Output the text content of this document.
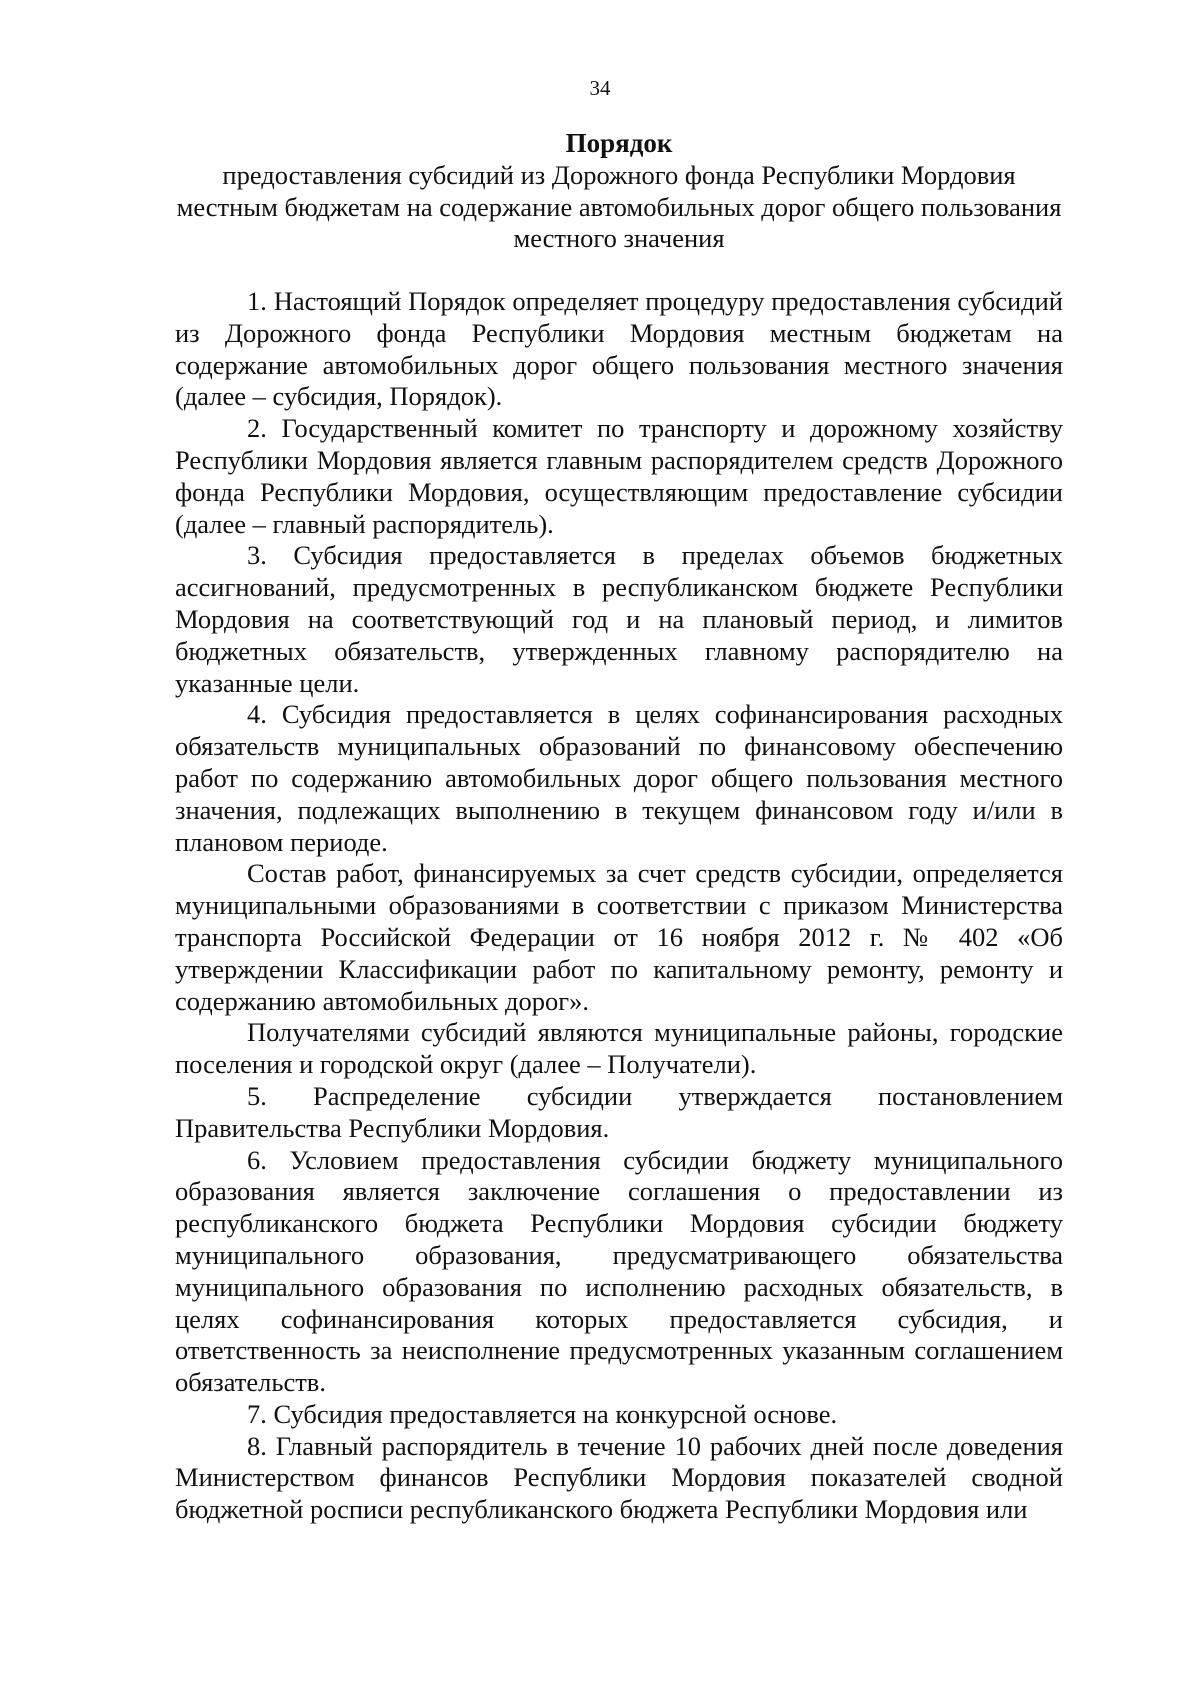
34

Порядок

предоставления субсидий из Дорожного фонда Республики Мордовия местным бюджетам на содержание автомобильных дорог общего пользования местного значения

1. Настоящий Порядок определяет процедуру предоставления субсидий из Дорожного фонда Республики Мордовия местным бюджетам на содержание автомобильных дорог общего пользования местного значения (далее – субсидия, Порядок).

2. Государственный комитет по транспорту и дорожному хозяйству Республики Мордовия является главным распорядителем средств Дорожного фонда Республики Мордовия, осуществляющим предоставление субсидии (далее – главный распорядитель).

3. Субсидия предоставляется в пределах объемов бюджетных ассигнований, предусмотренных в республиканском бюджете Республики Мордовия на соответствующий год и на плановый период, и лимитов бюджетных обязательств, утвержденных главному распорядителю на указанные цели.

4. Субсидия предоставляется в целях софинансирования расходных обязательств муниципальных образований по финансовому обеспечению работ по содержанию автомобильных дорог общего пользования местного значения, подлежащих выполнению в текущем финансовом году и/или в плановом периоде.

Состав работ, финансируемых за счет средств субсидии, определяется муниципальными образованиями в соответствии с приказом Министерства транспорта Российской Федерации от 16 ноября 2012 г. № 402 «Об утверждении Классификации работ по капитальному ремонту, ремонту и содержанию автомобильных дорог».

Получателями субсидий являются муниципальные районы, городские поселения и городской округ (далее – Получатели).

5. Распределение субсидии утверждается постановлением Правительства Республики Мордовия.

6. Условием предоставления субсидии бюджету муниципального образования является заключение соглашения о предоставлении из республиканского бюджета Республики Мордовия субсидии бюджету муниципального образования, предусматривающего обязательства муниципального образования по исполнению расходных обязательств, в целях софинансирования которых предоставляется субсидия, и ответственность за неисполнение предусмотренных указанным соглашением обязательств.

7. Субсидия предоставляется на конкурсной основе.

8. Главный распорядитель в течение 10 рабочих дней после доведения Министерством финансов Республики Мордовия показателей сводной бюджетной росписи республиканского бюджета Республики Мордовия или
